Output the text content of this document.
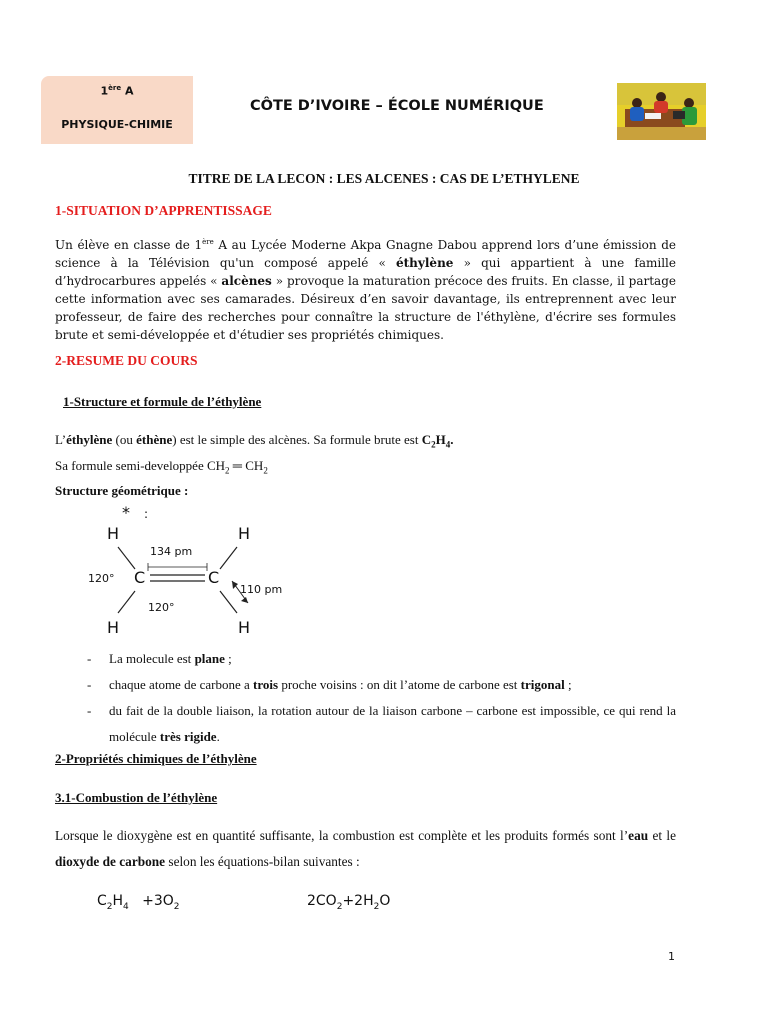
1ère A
PHYSIQUE-CHIMIE
CÔTE D’IVOIRE – ÉCOLE NUMÉRIQUE
TITRE DE LA LECON : LES ALCENES : CAS DE L’ETHYLENE
1-SITUATION D’APPRENTISSAGE
Un élève en classe de 1ère A au Lycée Moderne Akpa Gnagne Dabou apprend lors d’une émission de science à la Télévision qu'un composé appelé « éthylène » qui appartient à une famille d’hydrocarbures appelés « alcènes » provoque la maturation précoce des fruits. En classe, il partage cette information avec ses camarades. Désireux d’en savoir davantage, ils entreprennent avec leur professeur, de faire des recherches pour connaître la structure de l'éthylène, d'écrire ses formules brute et semi-développée et d'étudier ses propriétés chimiques.
2-RESUME DU COURS
1-Structure et formule de l’éthylène
L’éthylène (ou éthène) est le simple des alcènes. Sa formule brute est $C_2H_4$.
Sa formule semi-developpée $CH_2$ ═ $CH_2$
Structure géométrique :
* :
H	H
H	H
C	C
134 pm
110 pm
120°
120°
- La molecule est plane ;
- chaque atome de carbone a trois proche voisins : on dit l’atome de carbone est trigonal ;
- du fait de la double liaison, la rotation autour de la liaison carbone – carbone est impossible, ce qui rend la molécule très rigide.
2-Propriétés chimiques de l’éthylène
3.1-Combustion de l’éthylène
Lorsque le dioxygène est en quantité suffisante, la combustion est complète et les produits formés sont l’eau et le dioxyde de carbone selon les équations-bilan suivantes :
$C_2H_4 +3O_2$	$2CO_2+2H_2O$
1
